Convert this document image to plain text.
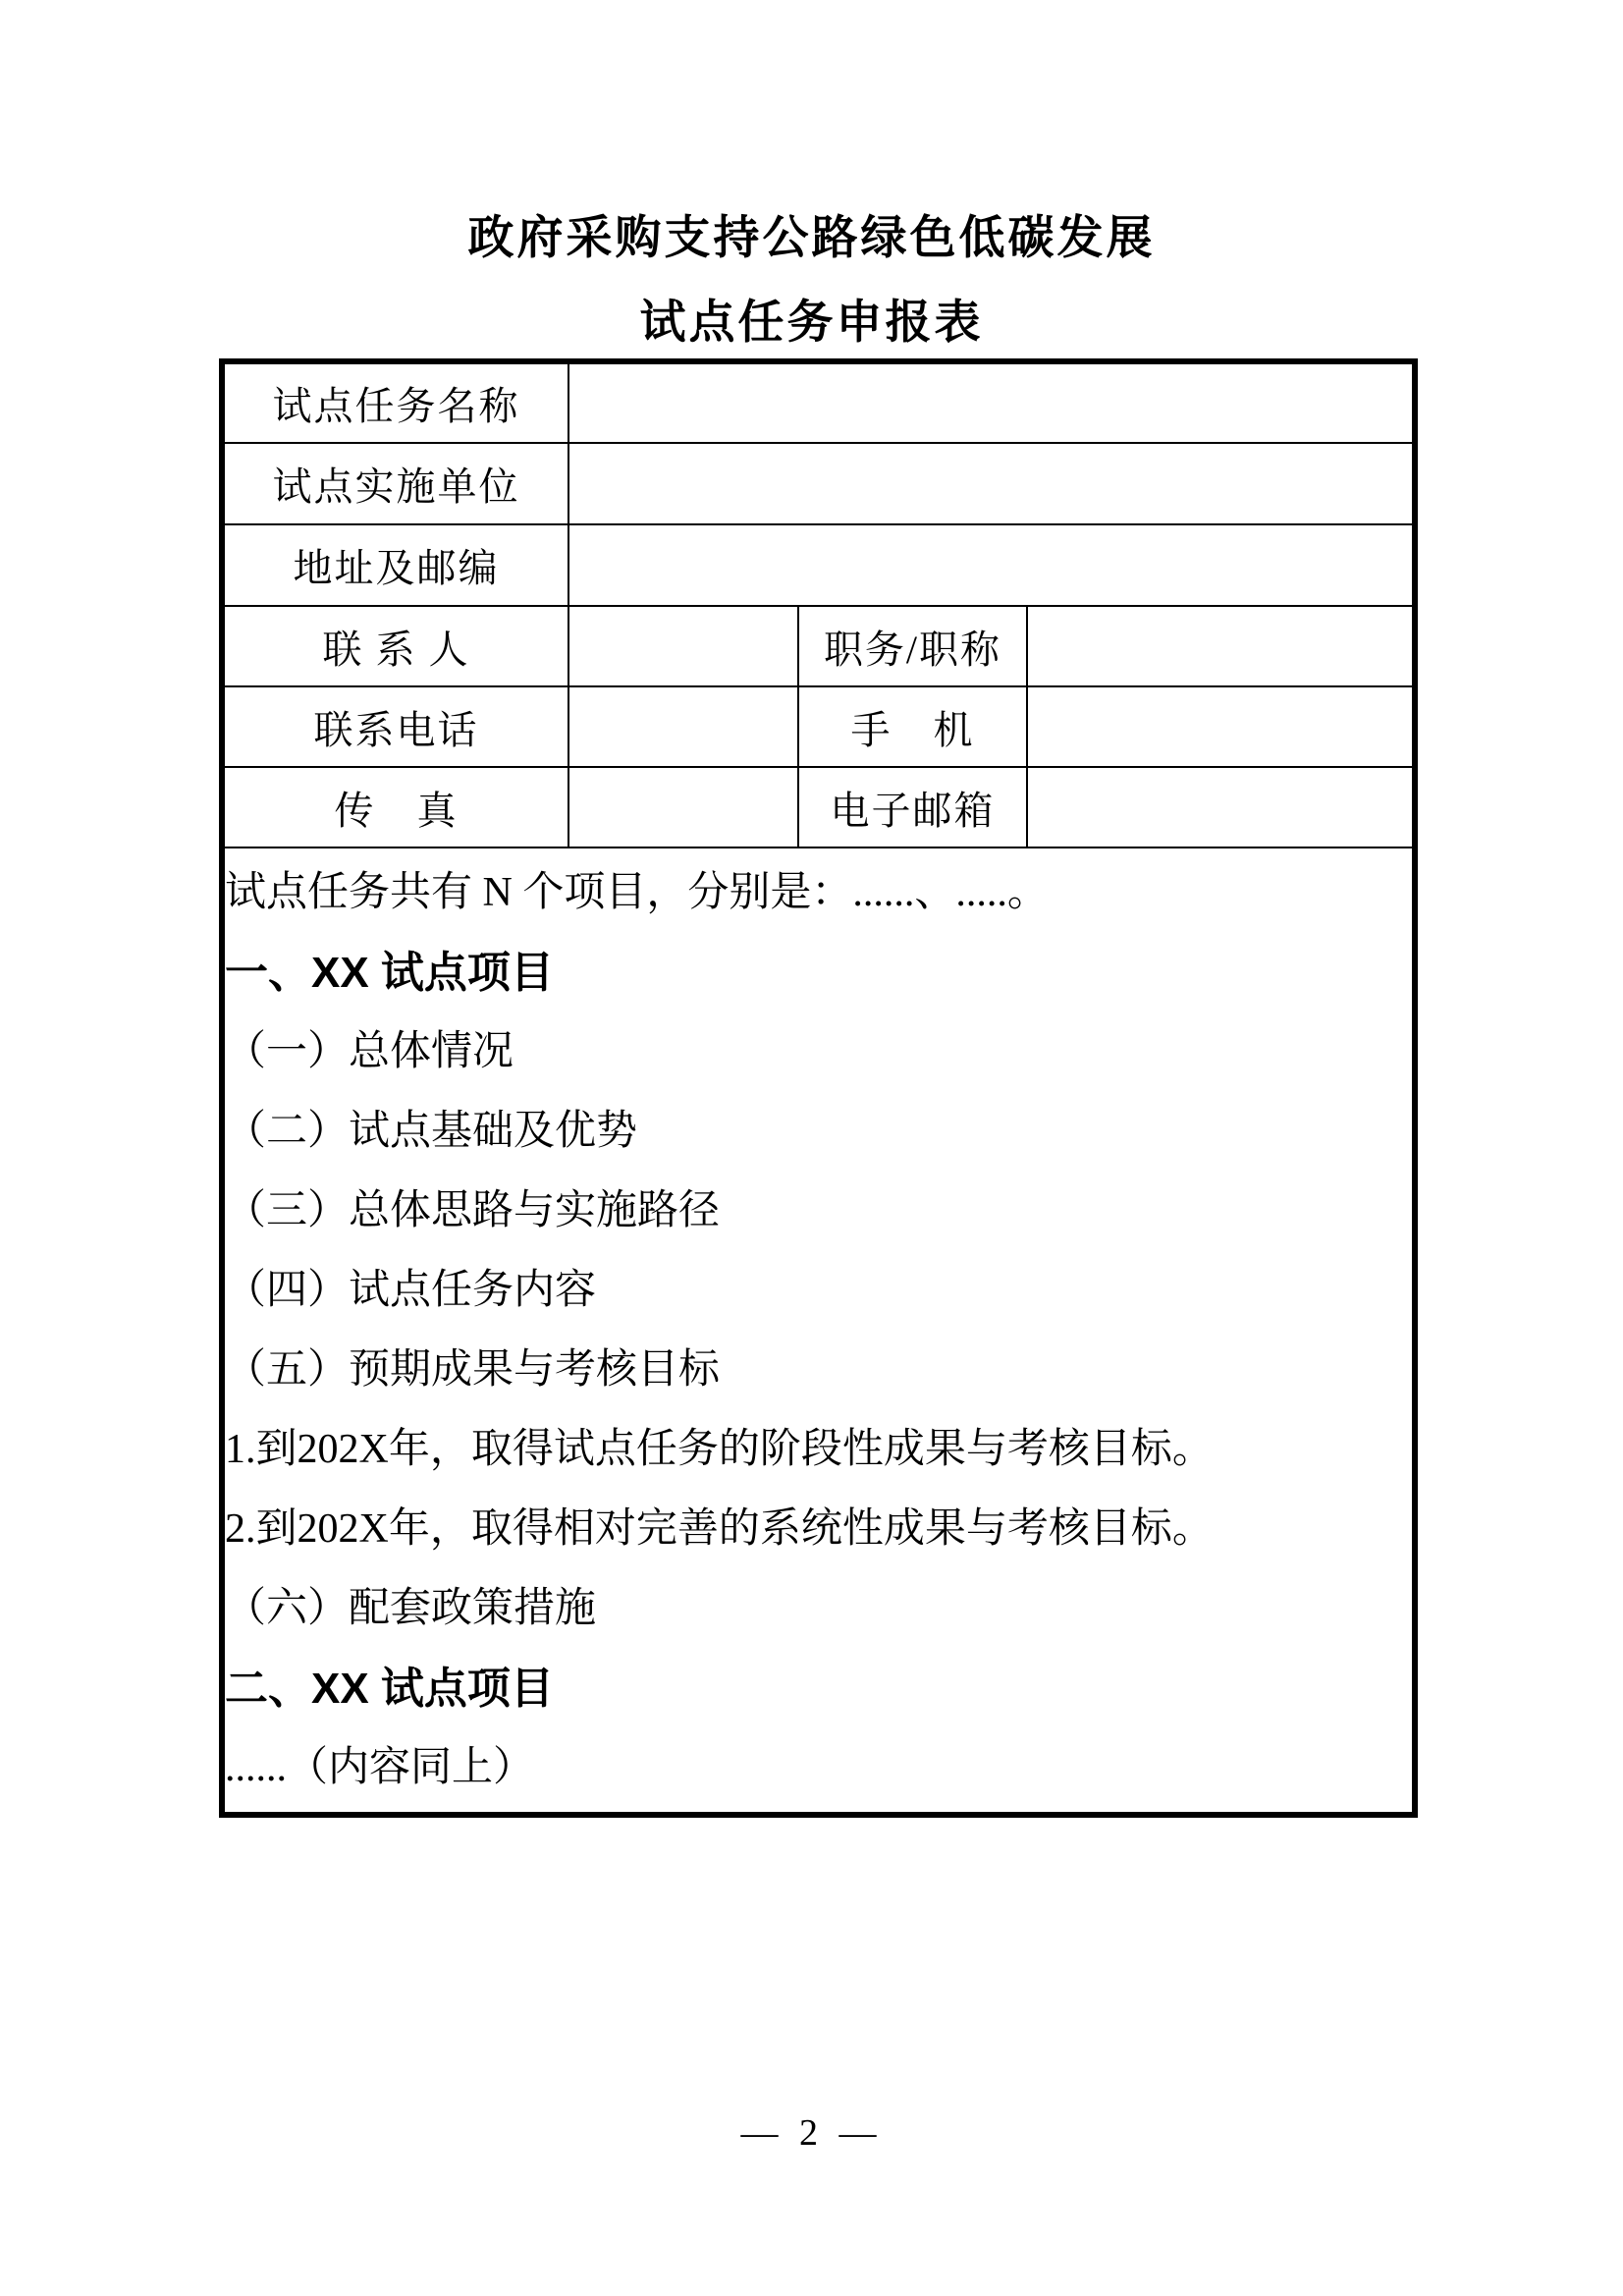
政府采购支持公路绿色低碳发展
试点任务申报表
试点任务名称			
试点实施单位			
地址及邮编			
联 系 人		职务/职称	
联系电话		手　机	
传　真		电子邮箱	

试点任务共有 N 个项目，分别是：......、.....。
一、XX 试点项目
（一）总体情况
（二）试点基础及优势
（三）总体思路与实施路径
（四）试点任务内容
（五）预期成果与考核目标
1.到202X年，取得试点任务的阶段性成果与考核目标。
2.到202X年，取得相对完善的系统性成果与考核目标。
（六）配套政策措施
二、XX 试点项目
......（内容同上）
— 2 —
